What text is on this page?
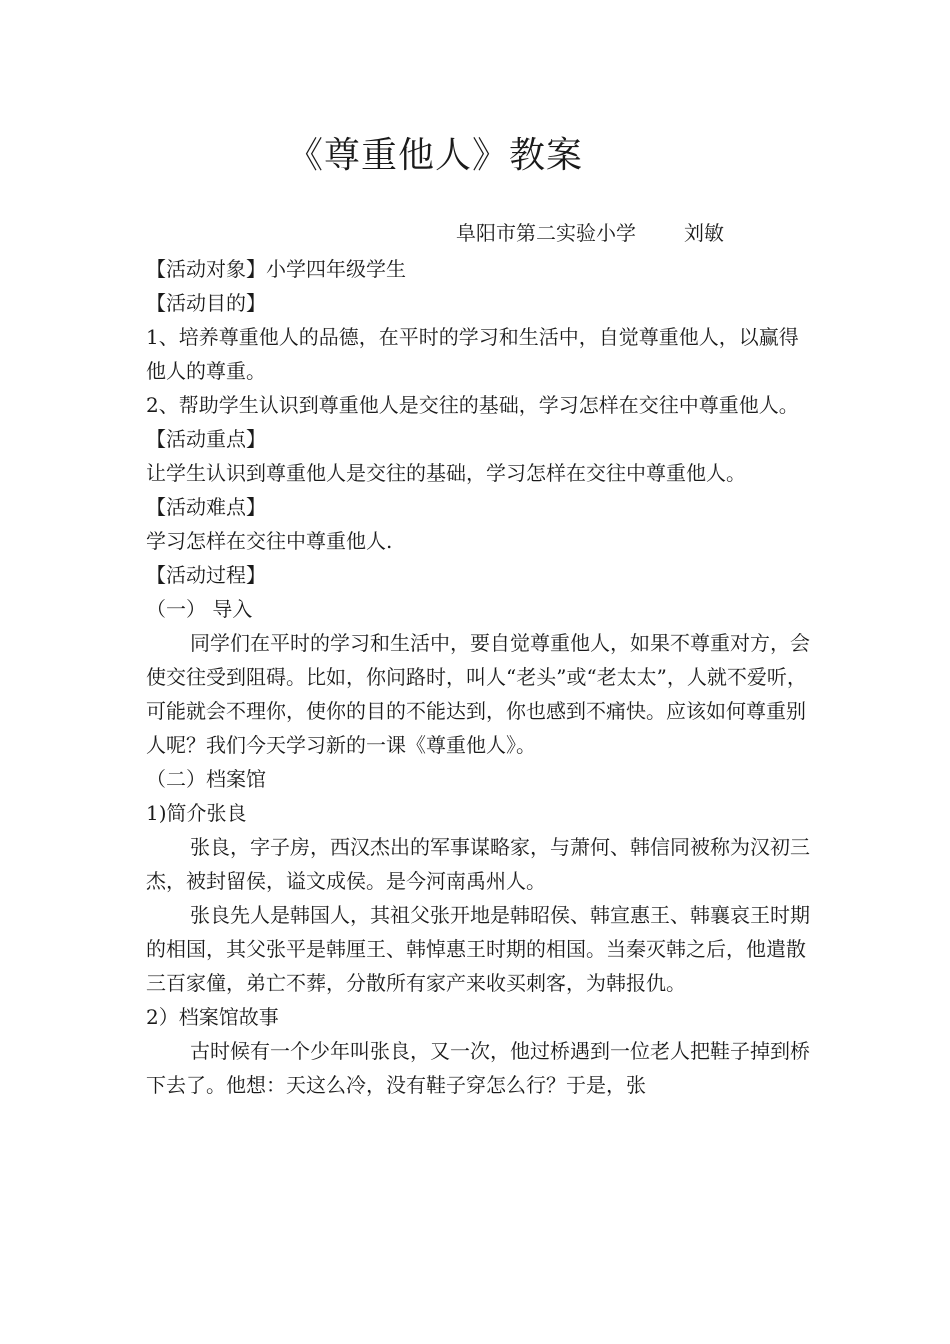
《尊重他人》教案
阜阳市第二实验小学 刘敏

【活动对象】小学四年级学生

【活动目的】

1、培养尊重他人的品德，在平时的学习和生活中，自觉尊重他人，以赢得他人的尊重。

2、帮助学生认识到尊重他人是交往的基础，学习怎样在交往中尊重他人。

【活动重点】

让学生认识到尊重他人是交往的基础，学习怎样在交往中尊重他人。

【活动难点】

学习怎样在交往中尊重他人.

【活动过程】

（一） 导入

同学们在平时的学习和生活中，要自觉尊重他人，如果不尊重对方，会使交往受到阻碍。比如，你问路时，叫人“老头”或“老太太”，人就不爱听，可能就会不理你，使你的目的不能达到，你也感到不痛快。应该如何尊重别人呢？我们今天学习新的一课《尊重他人》。

（二）档案馆

1)简介张良

张良，字子房，西汉杰出的军事谋略家，与萧何、韩信同被称为汉初三杰，被封留侯，谥文成侯。是今河南禹州人。

张良先人是韩国人，其祖父张开地是韩昭侯、韩宣惠王、韩襄哀王时期的相国，其父张平是韩厘王、韩悼惠王时期的相国。当秦灭韩之后，他遣散三百家僮，弟亡不葬，分散所有家产来收买刺客，为韩报仇。

2）档案馆故事

古时候有一个少年叫张良，又一次，他过桥遇到一位老人把鞋子掉到桥下去了。他想：天这么冷，没有鞋子穿怎么行？于是，张
